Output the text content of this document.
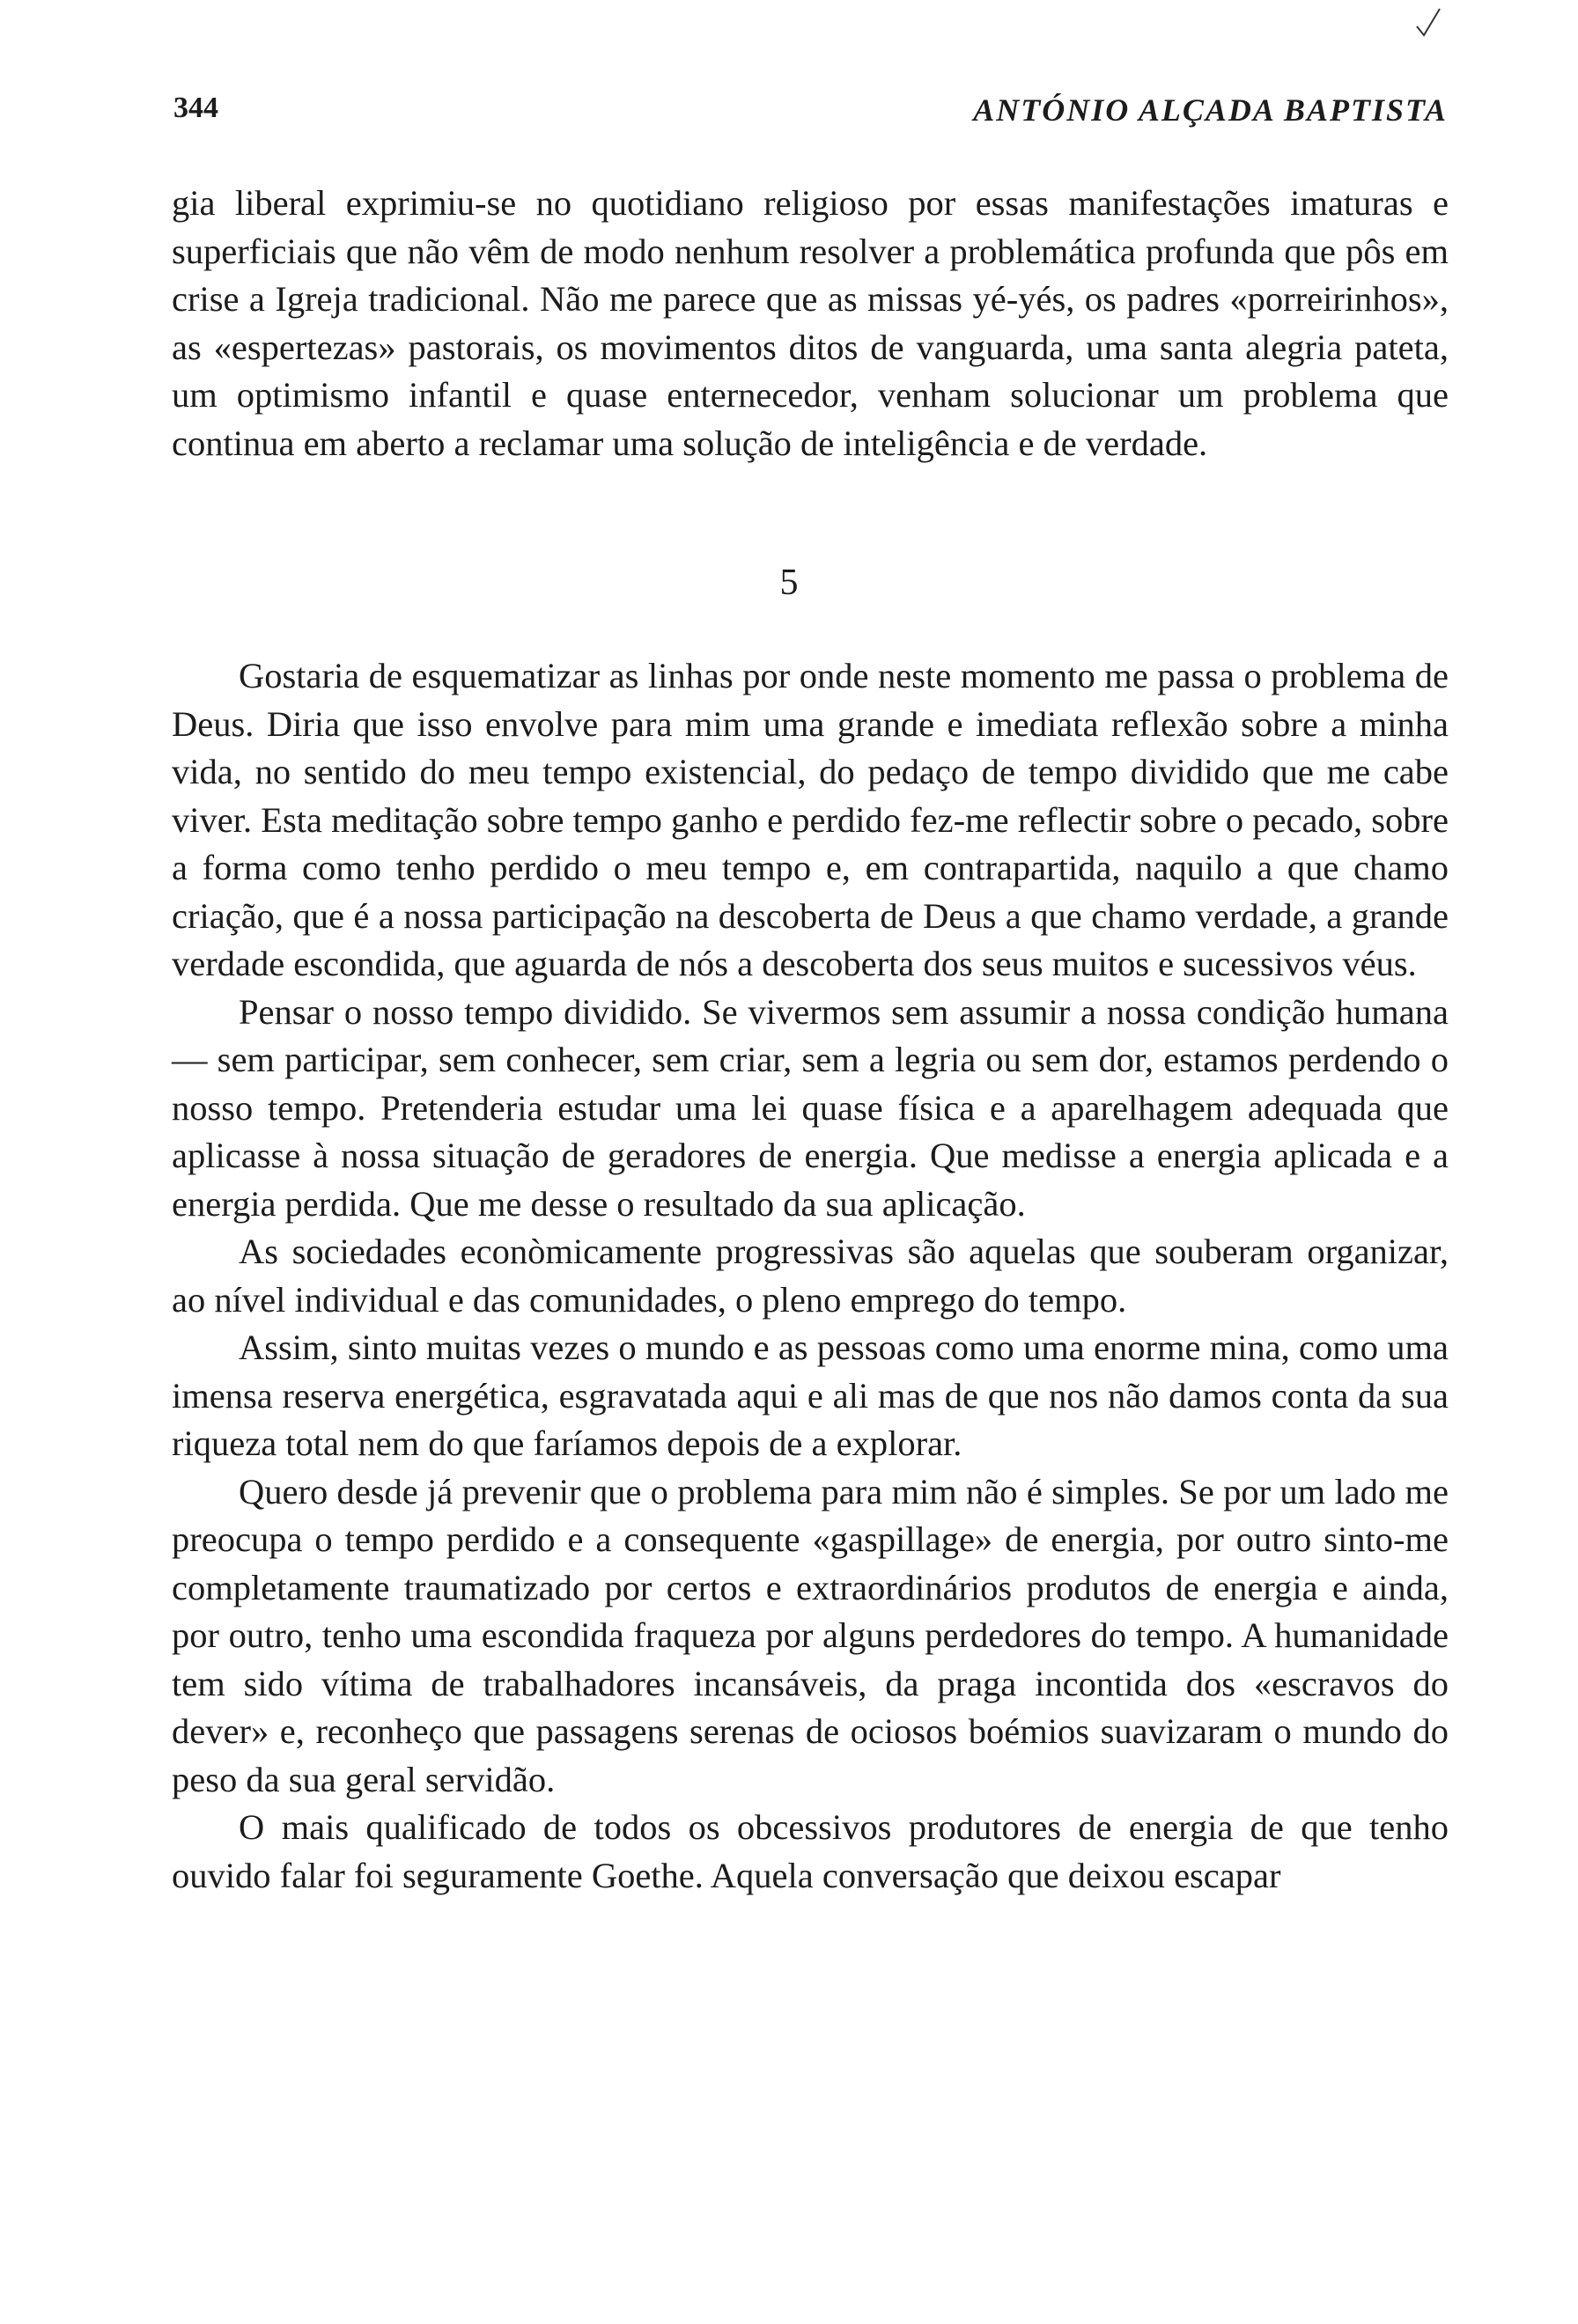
344	ANTÓNIO ALÇADA BAPTISTA

gia liberal exprimiu-se no quotidiano religioso por essas manifestações imaturas e superficiais que não vêm de modo nenhum resolver a problemática profunda que pôs em crise a Igreja tradicional. Não me parece que as missas yé-yés, os padres «porreirinhos», as «espertezas» pastorais, os movimentos ditos de vanguarda, uma santa alegria pateta, um optimismo infantil e quase enternecedor, venham solucionar um problema que continua em aberto a reclamar uma solução de inteligência e de verdade.

5

Gostaria de esquematizar as linhas por onde neste momento me passa o problema de Deus. Diria que isso envolve para mim uma grande e imediata reflexão sobre a minha vida, no sentido do meu tempo existencial, do pedaço de tempo dividido que me cabe viver. Esta meditação sobre tempo ganho e perdido fez-me reflectir sobre o pecado, sobre a forma como tenho perdido o meu tempo e, em contrapartida, naquilo a que chamo criação, que é a nossa participação na descoberta de Deus a que chamo verdade, a grande verdade escondida, que aguarda de nós a descoberta dos seus muitos e sucessivos véus.

Pensar o nosso tempo dividido. Se vivermos sem assumir a nossa condição humana — sem participar, sem conhecer, sem criar, sem a legria ou sem dor, estamos perdendo o nosso tempo. Pretenderia estudar uma lei quase física e a aparelhagem adequada que aplicasse à nossa situação de geradores de energia. Que medisse a energia aplicada e a energia perdida. Que me desse o resultado da sua aplicação.

As sociedades econòmicamente progressivas são aquelas que souberam organizar, ao nível individual e das comunidades, o pleno emprego do tempo.

Assim, sinto muitas vezes o mundo e as pessoas como uma enorme mina, como uma imensa reserva energética, esgravatada aqui e ali mas de que nos não damos conta da sua riqueza total nem do que faríamos depois de a explorar.

Quero desde já prevenir que o problema para mim não é simples. Se por um lado me preocupa o tempo perdido e a consequente «gaspillage» de energia, por outro sinto-me completamente traumatizado por certos e extraordinários produtos de energia e ainda, por outro, tenho uma escondida fraqueza por alguns perdedores do tempo. A humanidade tem sido vítima de trabalhadores incansáveis, da praga incontida dos «escravos do dever» e, reconheço que passagens serenas de ociosos boémios suavizaram o mundo do peso da sua geral servidão.

O mais qualificado de todos os obcessivos produtores de energia de que tenho ouvido falar foi seguramente Goethe. Aquela conversação que deixou escapar
